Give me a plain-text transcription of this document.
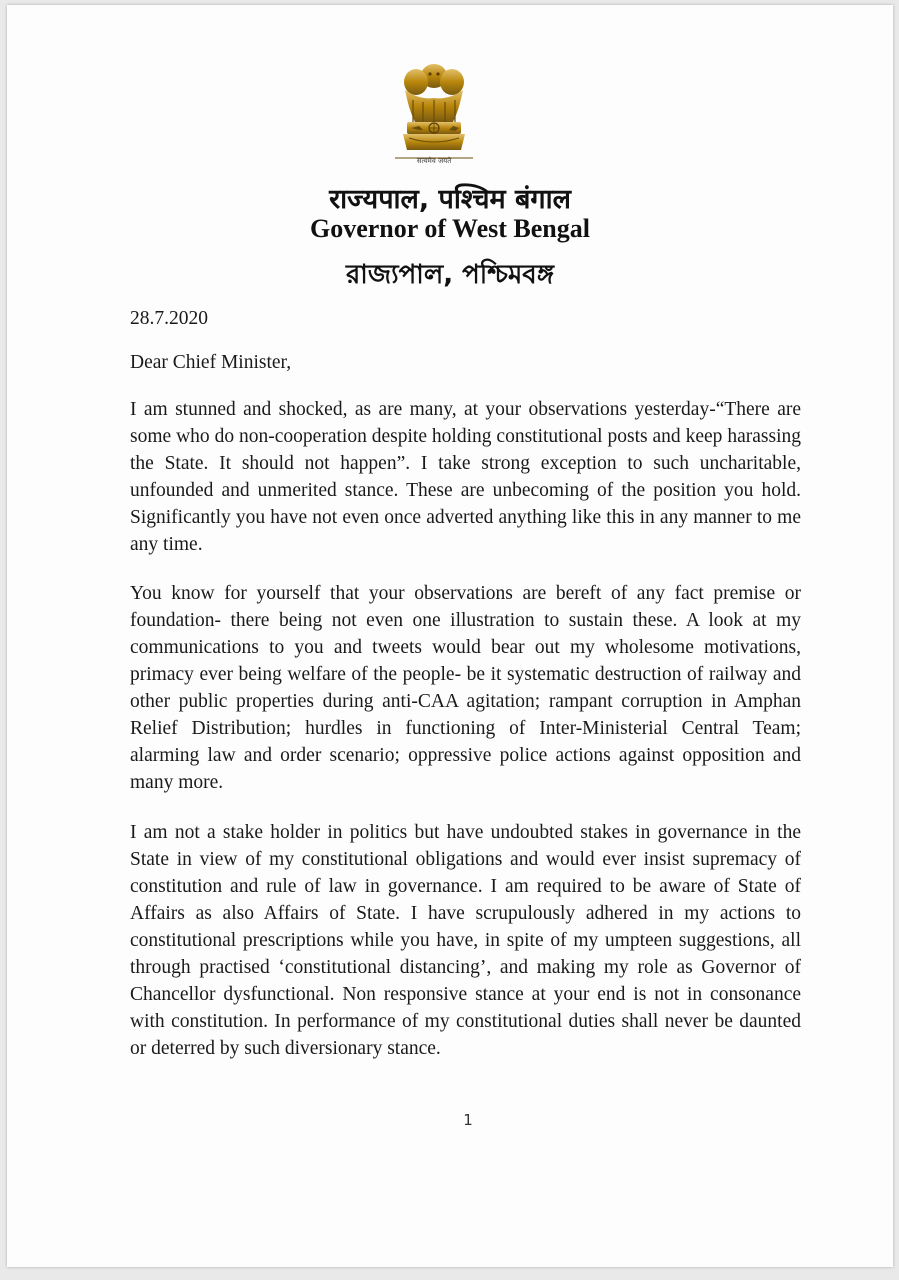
सत्यमेव जयते
राज्यपाल, पश्चिम बंगाल
Governor of West Bengal
রাজ্যপাল, পশ্চিমবঙ্গ
28.7.2020
Dear Chief Minister,
I am stunned and shocked, as are many, at your observations yesterday-“There are some who do non-cooperation despite holding constitutional posts and keep harassing the State. It should not happen”. I take strong exception to such uncharitable, unfounded and unmerited stance. These are unbecoming of the position you hold. Significantly you have not even once adverted anything like this in any manner to me any time.
You know for yourself that your observations are bereft of any fact premise or foundation- there being not even one illustration to sustain these. A look at my communications to you and tweets would bear out my wholesome motivations, primacy ever being welfare of the people- be it systematic destruction of railway and other public properties during anti-CAA agitation; rampant corruption in Amphan Relief Distribution; hurdles in functioning of Inter-Ministerial Central Team; alarming law and order scenario; oppressive police actions against opposition and many more.
I am not a stake holder in politics but have undoubted stakes in governance in the State in view of my constitutional obligations and would ever insist supremacy of constitution and rule of law in governance. I am required to be aware of State of Affairs as also Affairs of State. I have scrupulously adhered in my actions to constitutional prescriptions while you have, in spite of my umpteen suggestions, all through practised ‘constitutional distancing’, and making my role as Governor of Chancellor dysfunctional. Non responsive stance at your end is not in consonance with constitution. In performance of my constitutional duties shall never be daunted or deterred by such diversionary stance.
1
